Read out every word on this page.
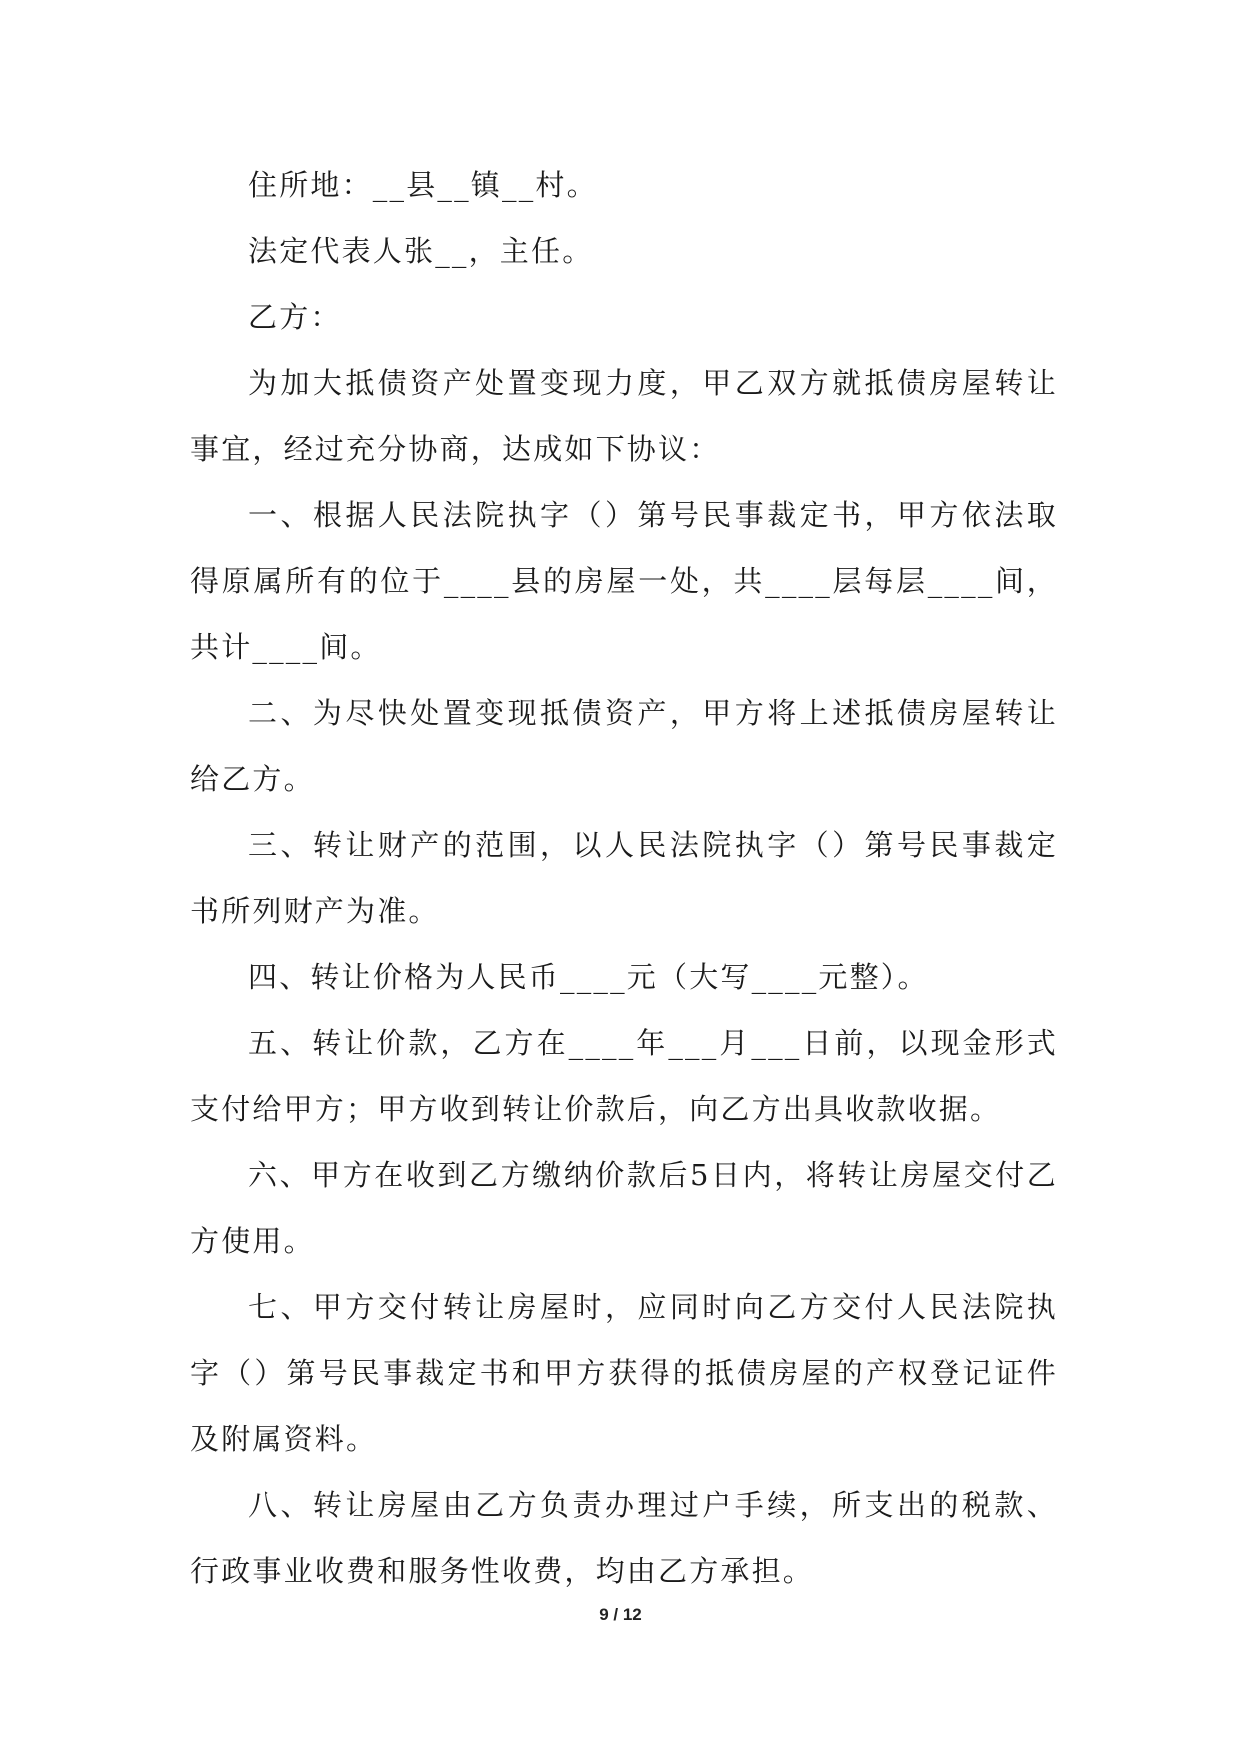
住所地：__县__镇__村。

法定代表人张__，主任。

乙方：

为加大抵债资产处置变现力度，甲乙双方就抵债房屋转让事宜，经过充分协商，达成如下协议：

一、根据人民法院执字（）第号民事裁定书，甲方依法取得原属所有的位于____县的房屋一处，共____层每层____间，共计____间。

二、为尽快处置变现抵债资产，甲方将上述抵债房屋转让给乙方。

三、转让财产的范围，以人民法院执字（）第号民事裁定书所列财产为准。

四、转让价格为人民币____元（大写____元整）。

五、转让价款，乙方在____年___月___日前，以现金形式支付给甲方；甲方收到转让价款后，向乙方出具收款收据。

六、甲方在收到乙方缴纳价款后5日内，将转让房屋交付乙方使用。

七、甲方交付转让房屋时，应同时向乙方交付人民法院执字（）第号民事裁定书和甲方获得的抵债房屋的产权登记证件及附属资料。

八、转让房屋由乙方负责办理过户手续，所支出的税款、行政事业收费和服务性收费，均由乙方承担。

9 / 12
